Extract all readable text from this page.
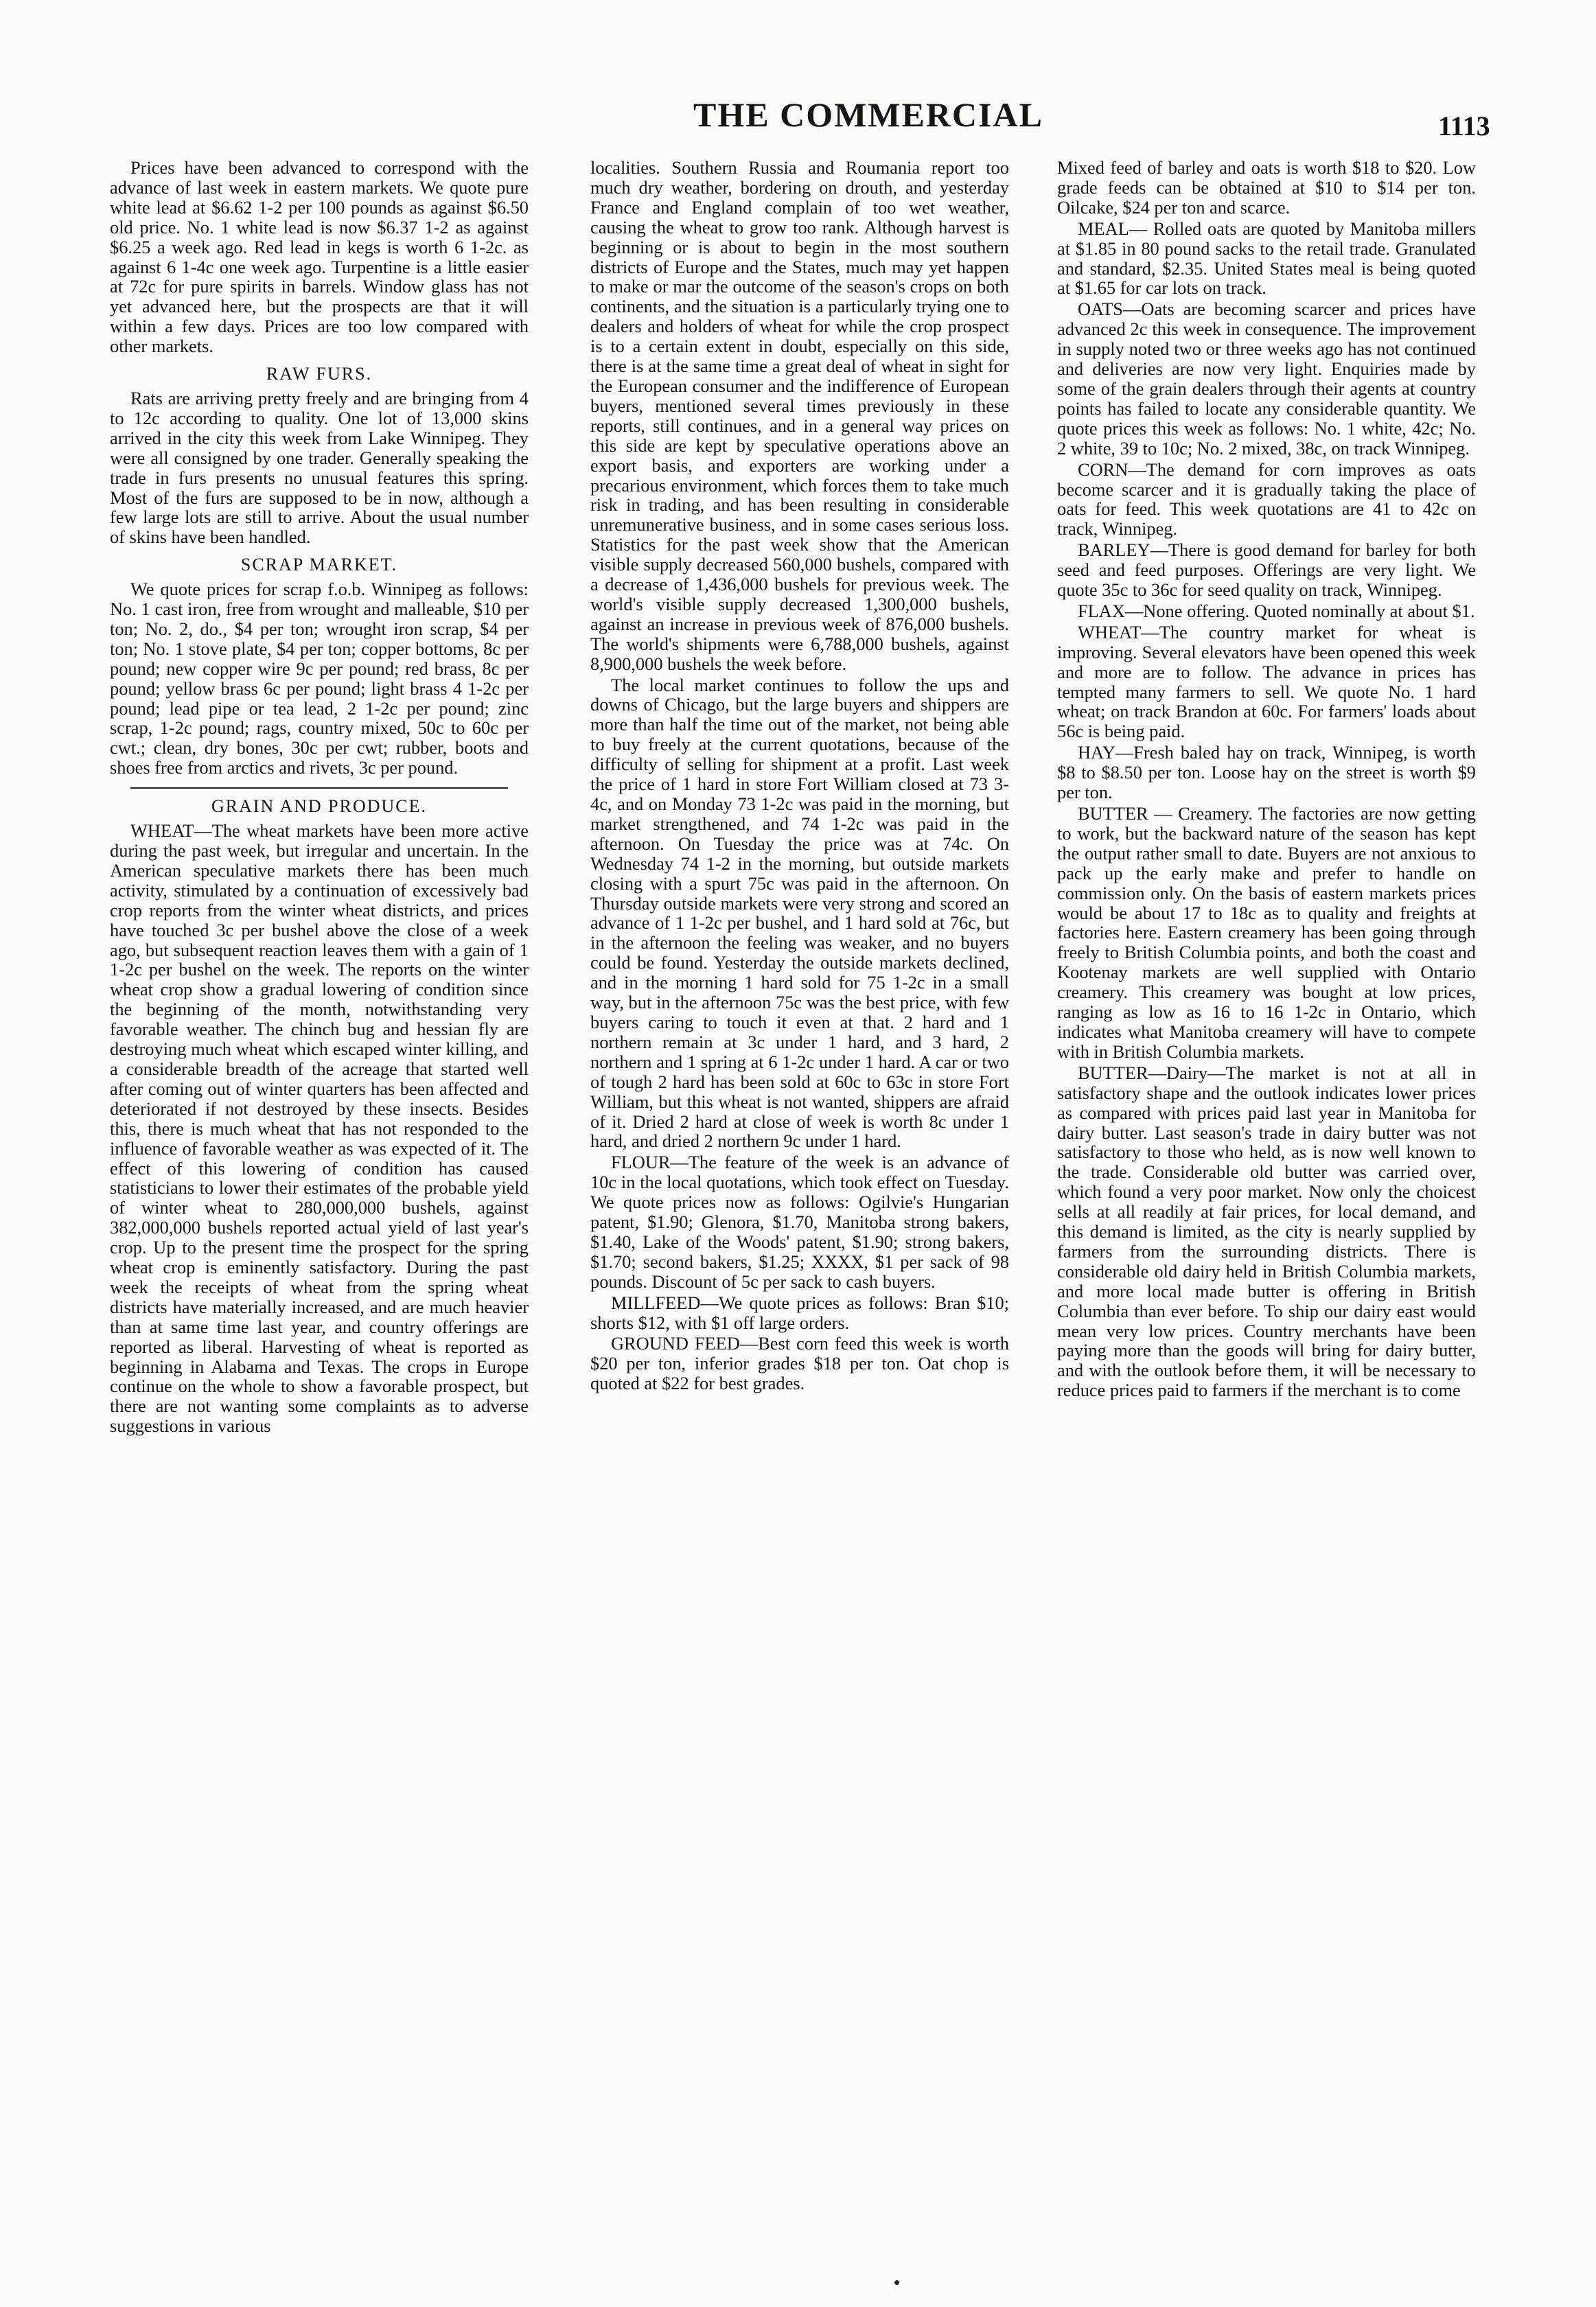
THE COMMERCIAL	1113

Prices have been advanced to correspond with the advance of last week in eastern markets. We quote pure white lead at $6.62 1-2 per 100 pounds as against $6.50 old price. No. 1 white lead is now $6.37 1-2 as against $6.25 a week ago. Red lead in kegs is worth 6 1-2c. as against 6 1-4c one week ago. Turpentine is a little easier at 72c for pure spirits in barrels. Window glass has not yet advanced here, but the prospects are that it will within a few days. Prices are too low compared with other markets.

RAW FURS.

Rats are arriving pretty freely and are bringing from 4 to 12c according to quality. One lot of 13,000 skins arrived in the city this week from Lake Winnipeg. They were all consigned by one trader. Generally speaking the trade in furs presents no unusual features this spring. Most of the furs are supposed to be in now, although a few large lots are still to arrive. About the usual number of skins have been handled.

SCRAP MARKET.

We quote prices for scrap f.o.b. Winnipeg as follows: No. 1 cast iron, free from wrought and malleable, $10 per ton; No. 2, do., $4 per ton; wrought iron scrap, $4 per ton; No. 1 stove plate, $4 per ton; copper bottoms, 8c per pound; new copper wire 9c per pound; red brass, 8c per pound; yellow brass 6c per pound; light brass 4 1-2c per pound; lead pipe or tea lead, 2 1-2c per pound; zinc scrap, 1-2c pound; rags, country mixed, 50c to 60c per cwt.; clean, dry bones, 30c per cwt; rubber, boots and shoes free from arctics and rivets, 3c per pound.

GRAIN AND PRODUCE.

WHEAT—The wheat markets have been more active during the past week, but irregular and uncertain. In the American speculative markets there has been much activity, stimulated by a continuation of excessively bad crop reports from the winter wheat districts, and prices have touched 3c per bushel above the close of a week ago, but subsequent reaction leaves them with a gain of 1 1-2c per bushel on the week. The reports on the winter wheat crop show a gradual lowering of condition since the beginning of the month, notwithstanding very favorable weather. The chinch bug and hessian fly are destroying much wheat which escaped winter killing, and a considerable breadth of the acreage that started well after coming out of winter quarters has been affected and deteriorated if not destroyed by these insects. Besides this, there is much wheat that has not responded to the influence of favorable weather as was expected of it. The effect of this lowering of condition has caused statisticians to lower their estimates of the probable yield of winter wheat to 280,000,000 bushels, against 382,000,000 bushels reported actual yield of last year's crop. Up to the present time the prospect for the spring wheat crop is eminently satisfactory. During the past week the receipts of wheat from the spring wheat districts have materially increased, and are much heavier than at same time last year, and country offerings are reported as liberal. Harvesting of wheat is reported as beginning in Alabama and Texas. The crops in Europe continue on the whole to show a favorable prospect, but there are not wanting some complaints as to adverse suggestions in various

localities. Southern Russia and Roumania report too much dry weather, bordering on drouth, and yesterday France and England complain of too wet weather, causing the wheat to grow too rank. Although harvest is beginning or is about to begin in the most southern districts of Europe and the States, much may yet happen to make or mar the outcome of the season's crops on both continents, and the situation is a particularly trying one to dealers and holders of wheat for while the crop prospect is to a certain extent in doubt, especially on this side, there is at the same time a great deal of wheat in sight for the European consumer and the indifference of European buyers, mentioned several times previously in these reports, still continues, and in a general way prices on this side are kept by speculative operations above an export basis, and exporters are working under a precarious environment, which forces them to take much risk in trading, and has been resulting in considerable unremunerative business, and in some cases serious loss. Statistics for the past week show that the American visible supply decreased 560,000 bushels, compared with a decrease of 1,436,000 bushels for previous week. The world's visible supply decreased 1,300,000 bushels, against an increase in previous week of 876,000 bushels. The world's shipments were 6,788,000 bushels, against 8,900,000 bushels the week before.

The local market continues to follow the ups and downs of Chicago, but the large buyers and shippers are more than half the time out of the market, not being able to buy freely at the current quotations, because of the difficulty of selling for shipment at a profit. Last week the price of 1 hard in store Fort William closed at 73 3-4c, and on Monday 73 1-2c was paid in the morning, but market strengthened, and 74 1-2c was paid in the afternoon. On Tuesday the price was at 74c. On Wednesday 74 1-2 in the morning, but outside markets closing with a spurt 75c was paid in the afternoon. On Thursday outside markets were very strong and scored an advance of 1 1-2c per bushel, and 1 hard sold at 76c, but in the afternoon the feeling was weaker, and no buyers could be found. Yesterday the outside markets declined, and in the morning 1 hard sold for 75 1-2c in a small way, but in the afternoon 75c was the best price, with few buyers caring to touch it even at that. 2 hard and 1 northern remain at 3c under 1 hard, and 3 hard, 2 northern and 1 spring at 6 1-2c under 1 hard. A car or two of tough 2 hard has been sold at 60c to 63c in store Fort William, but this wheat is not wanted, shippers are afraid of it. Dried 2 hard at close of week is worth 8c under 1 hard, and dried 2 northern 9c under 1 hard.

FLOUR—The feature of the week is an advance of 10c in the local quotations, which took effect on Tuesday. We quote prices now as follows: Ogilvie's Hungarian patent, $1.90; Glenora, $1.70, Manitoba strong bakers, $1.40, Lake of the Woods' patent, $1.90; strong bakers, $1.70; second bakers, $1.25; XXXX, $1 per sack of 98 pounds. Discount of 5c per sack to cash buyers.

MILLFEED—We quote prices as follows: Bran $10; shorts $12, with $1 off large orders.

GROUND FEED—Best corn feed this week is worth $20 per ton, inferior grades $18 per ton. Oat chop is quoted at $22 for best grades.

Mixed feed of barley and oats is worth $18 to $20. Low grade feeds can be obtained at $10 to $14 per ton. Oilcake, $24 per ton and scarce.

MEAL— Rolled oats are quoted by Manitoba millers at $1.85 in 80 pound sacks to the retail trade. Granulated and standard, $2.35. United States meal is being quoted at $1.65 for car lots on track.

OATS—Oats are becoming scarcer and prices have advanced 2c this week in consequence. The improvement in supply noted two or three weeks ago has not continued and deliveries are now very light. Enquiries made by some of the grain dealers through their agents at country points has failed to locate any considerable quantity. We quote prices this week as follows: No. 1 white, 42c; No. 2 white, 39 to 10c; No. 2 mixed, 38c, on track Winnipeg.

CORN—The demand for corn improves as oats become scarcer and it is gradually taking the place of oats for feed. This week quotations are 41 to 42c on track, Winnipeg.

BARLEY—There is good demand for barley for both seed and feed purposes. Offerings are very light. We quote 35c to 36c for seed quality on track, Winnipeg.

FLAX—None offering. Quoted nominally at about $1.

WHEAT—The country market for wheat is improving. Several elevators have been opened this week and more are to follow. The advance in prices has tempted many farmers to sell. We quote No. 1 hard wheat; on track Brandon at 60c. For farmers' loads about 56c is being paid.

HAY—Fresh baled hay on track, Winnipeg, is worth $8 to $8.50 per ton. Loose hay on the street is worth $9 per ton.

BUTTER — Creamery. The factories are now getting to work, but the backward nature of the season has kept the output rather small to date. Buyers are not anxious to pack up the early make and prefer to handle on commission only. On the basis of eastern markets prices would be about 17 to 18c as to quality and freights at factories here. Eastern creamery has been going through freely to British Columbia points, and both the coast and Kootenay markets are well supplied with Ontario creamery. This creamery was bought at low prices, ranging as low as 16 to 16 1-2c in Ontario, which indicates what Manitoba creamery will have to compete with in British Columbia markets.

BUTTER—Dairy—The market is not at all in satisfactory shape and the outlook indicates lower prices as compared with prices paid last year in Manitoba for dairy butter. Last season's trade in dairy butter was not satisfactory to those who held, as is now well known to the trade. Considerable old butter was carried over, which found a very poor market. Now only the choicest sells at all readily at fair prices, for local demand, and this demand is limited, as the city is nearly supplied by farmers from the surrounding districts. There is considerable old dairy held in British Columbia markets, and more local made butter is offering in British Columbia than ever before. To ship our dairy east would mean very low prices. Country merchants have been paying more than the goods will bring for dairy butter, and with the outlook before them, it will be necessary to reduce prices paid to farmers if the merchant is to come
